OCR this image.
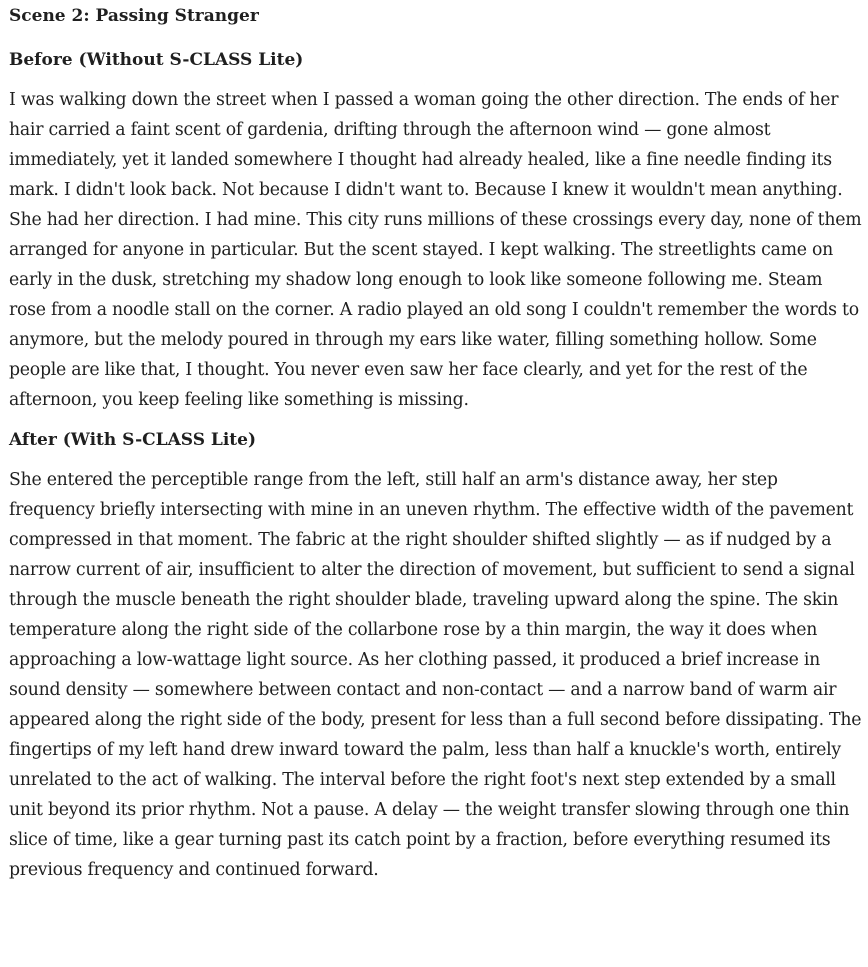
Scene 2: Passing Stranger
Before (Without S-CLASS Lite)

I was walking down the street when I passed a woman going the other direction. The ends of her hair carried a faint scent of gardenia, drifting through the afternoon wind — gone almost immediately, yet it landed somewhere I thought had already healed, like a fine needle finding its mark. I didn't look back. Not because I didn't want to. Because I knew it wouldn't mean anything. She had her direction. I had mine. This city runs millions of these crossings every day, none of them arranged for anyone in particular. But the scent stayed. I kept walking. The streetlights came on early in the dusk, stretching my shadow long enough to look like someone following me. Steam rose from a noodle stall on the corner. A radio played an old song I couldn't remember the words to anymore, but the melody poured in through my ears like water, filling something hollow. Some people are like that, I thought. You never even saw her face clearly, and yet for the rest of the afternoon, you keep feeling like something is missing.

After (With S-CLASS Lite)

She entered the perceptible range from the left, still half an arm's distance away, her step frequency briefly intersecting with mine in an uneven rhythm. The effective width of the pavement compressed in that moment. The fabric at the right shoulder shifted slightly — as if nudged by a narrow current of air, insufficient to alter the direction of movement, but sufficient to send a signal through the muscle beneath the right shoulder blade, traveling upward along the spine. The skin temperature along the right side of the collarbone rose by a thin margin, the way it does when approaching a low-wattage light source. As her clothing passed, it produced a brief increase in sound density — somewhere between contact and non-contact — and a narrow band of warm air appeared along the right side of the body, present for less than a full second before dissipating. The fingertips of my left hand drew inward toward the palm, less than half a knuckle's worth, entirely unrelated to the act of walking. The interval before the right foot's next step extended by a small unit beyond its prior rhythm. Not a pause. A delay — the weight transfer slowing through one thin slice of time, like a gear turning past its catch point by a fraction, before everything resumed its previous frequency and continued forward.
